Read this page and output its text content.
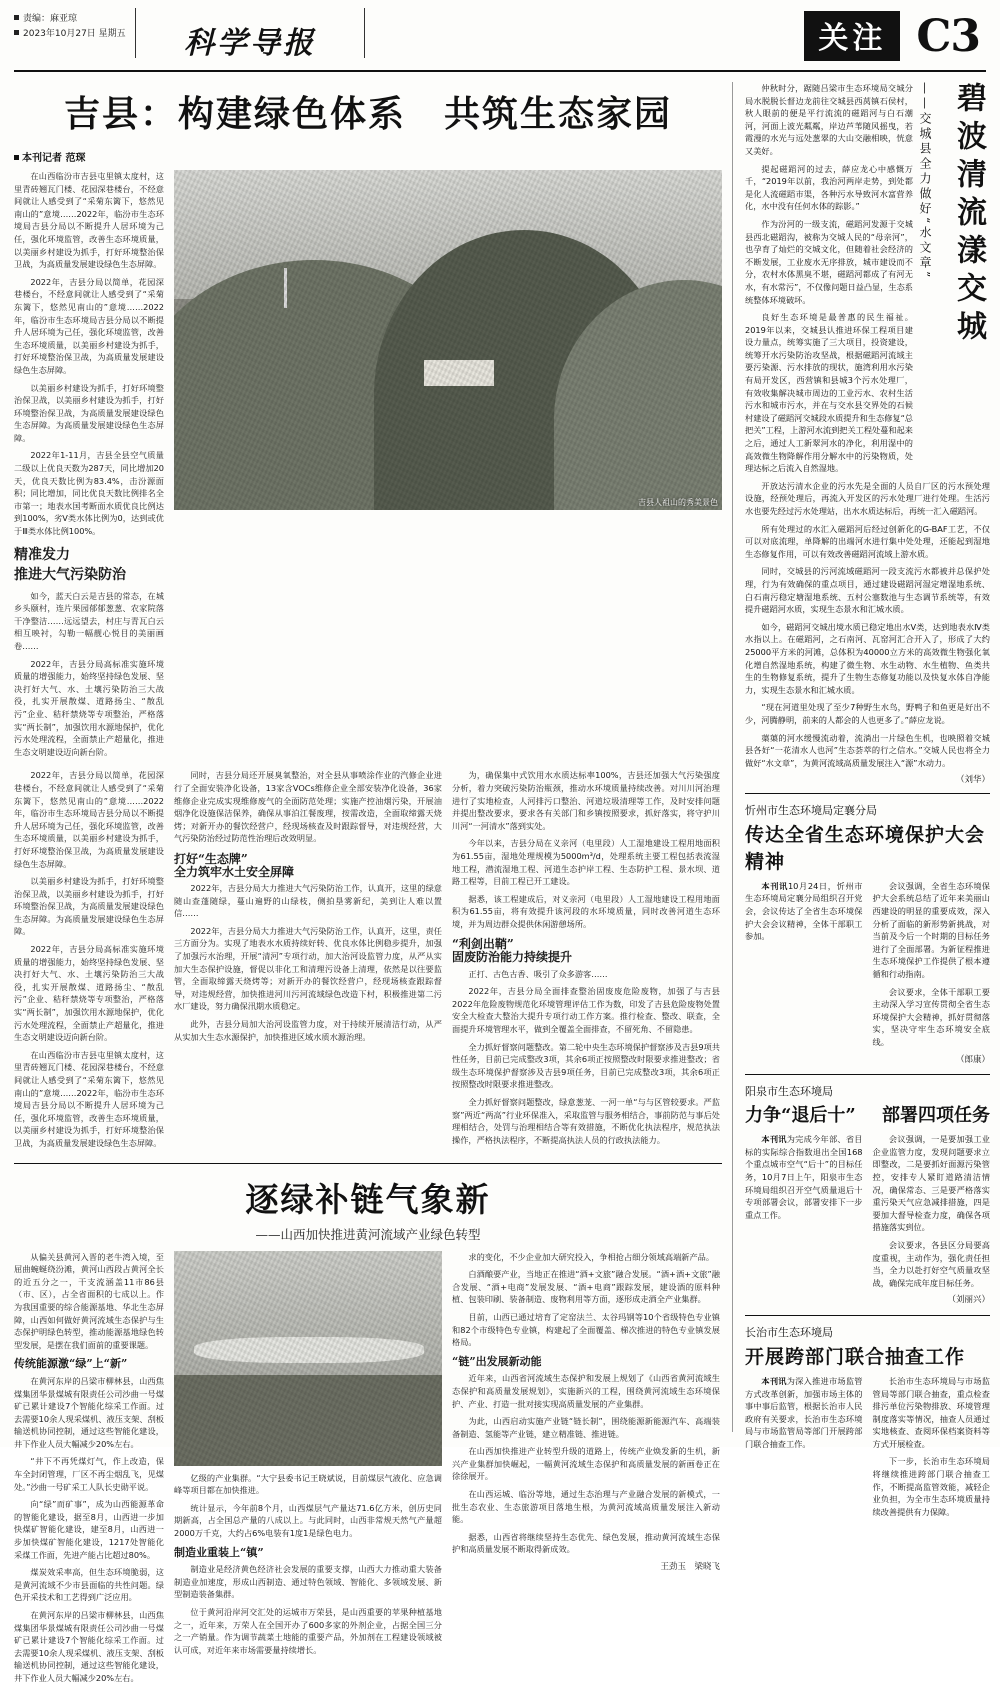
责编：麻亚琼
2023年10月27日 星期五	科学导报	关注 C3
吉县：构建绿色体系　共筑生态家园
本刊记者 范琛

在山西临汾市吉县屯里镇太度村，这里青砖翘瓦门楼、花园深巷楼台，不经意间就让人感受到了“采菊东篱下，悠然见南山的”意境……2022年，临汾市生态环境局吉县分局以不断提升人居环境为己任，强化环境监管，改善生态环境质量，以美丽乡村建设为抓手，打好环境整治保卫战，为高质量发展建设绿色生态屏障。

2022年，吉县分局以简单，花园深巷楼台，不经意间就让人感受到了“采菊东篱下，悠然见南山的”意境……2022年，临汾市生态环境局吉县分局以不断提升人居环境为己任，强化环境监管，改善生态环境质量，以美丽乡村建设为抓手，打好环境整治保卫战，为高质量发展建设绿色生态屏障。

以美丽乡村建设为抓手，打好环境整治保卫战，以美丽乡村建设为抓手，打好环境整治保卫战，为高质量发展建设绿色生态屏障。为高质量发展建设绿色生态屏障。

2022年1-11月，吉县全县空气质量二级以上优良天数为287天，同比增加20天，优良天数比例为83.4%，击汾源面积；同比增加，同比优良天数比例排名全市第一；地表水国考断面水质优良比例达到100%，劣Ⅴ类水体比例为0，达到或优于Ⅲ类水体比例100%。

精准发力
推进大气污染防治

如今，蓝天白云是吉县的常态，在城乡头颐村，连片果园郁郁葱葱、农家院落干净整洁……远远望去，村庄与青瓦白云相互映衬，勾勒一幅靓心悦目的美丽画卷……

2022年，吉县分局高标准实施环境质量的增强能力，始终坚持绿色发展、坚决打好大气、水、土壤污染防治三大战役，扎实开展散煤、道路扬尘、“散乱污”企业、秸秆禁烧等专项整治，严格落实“两长制”，加强饮用水源地保护，优化污水处理流程，全面禁止产超量化，推进生态文明建设迈向新台阶。

吉县人祖山的秀美景色

2022年，吉县分局以简单，花园深巷楼台，不经意间就让人感受到了“采菊东篱下，悠然见南山的”意境……2022年，临汾市生态环境局吉县分局以不断提升人居环境为己任，强化环境监管，改善生态环境质量，以美丽乡村建设为抓手，打好环境整治保卫战，为高质量发展建设绿色生态屏障。

以美丽乡村建设为抓手，打好环境整治保卫战，以美丽乡村建设为抓手，打好环境整治保卫战，为高质量发展建设绿色生态屏障。为高质量发展建设绿色生态屏障。

2022年，吉县分局高标准实施环境质量的增强能力，始终坚持绿色发展、坚决打好大气、水、土壤污染防治三大战役，扎实开展散煤、道路扬尘、“散乱污”企业、秸秆禁烧等专项整治，严格落实“两长制”，加强饮用水源地保护，优化污水处理流程，全面禁止产超量化，推进生态文明建设迈向新台阶。

在山西临汾市吉县屯里镇太度村，这里青砖翘瓦门楼、花园深巷楼台，不经意间就让人感受到了“采菊东篱下，悠然见南山的”意境……2022年，临汾市生态环境局吉县分局以不断提升人居环境为己任，强化环境监管，改善生态环境质量，以美丽乡村建设为抓手，打好环境整治保卫战，为高质量发展建设绿色生态屏障。

同时，吉县分局还开展臭氧整治，对全县从事喷涂作业的汽修企业进行了全面安装净化设备，13家含VOCs维修企业全部安装净化设备，36家维修企业完成实现维修废气的全面防范处理；实施产控油烟污染，开展油烟净化设施保洁保养，确保从事泊江餐废理，按需改造，全面取缔露天烧烤；对新开办的餐饮经营户，经现场核查及时跟踪督导，对违规经营，大气污染防治经过防范性治理后改效明显。

打好“生态牌”
全力筑牢水土安全屏障

2022年，吉县分局大力推进大气污染防治工作，认真开，这里的绿意随山查蓬随绿，蔓山遍野的山绿枝，侧拍垦雾新纪，美到让人难以置信……

2022年，吉县分局大力推进大气污染防治工作，认真开，这里，责任三方面分为。实现了地表水水质持续好转、优良水体比例稳步提升，加强了加强污水治理，开展“清河”专项行动，加大治河设监管力度，从严从实加大生态保护设施，督促以非化工和清理污设备上清理，依然是以往要监管，全面取缔露天烧烤等；对新开办的餐饮经营户，经现场核查跟踪督导，对违规经营，加快推进河川污河流域绿色改造下村，积极推进第二污水厂建设，努力确保汛期水质稳定。

此外，吉县分局加大治河设监管力度，对于持续开展清洁行动，从严从实加大生态水源保护，加快推进区域水质水源治理。

为，确保集中式饮用水水质达标率100%，吉县还加强大气污染强度分析，着力突破污染防治瓶颈，推动水环境质量持续改善。对川川河治理进行了实地检查，人河排污口整治、河道垃圾清理等工作，及时安排问题并提出整改要求，要求各有关部门和乡镇按照要求，抓好落实，将守护川川河“一河清水”落到实处。

今年以来，吉县分局在义亲河（电里段）人工湿地建设工程用地面积为61.55亩，湿地处理规模为5000m³/d，处理系统主要工程包括表流湿地工程，潜流湿地工程、河道生态护岸工程、生态防护工程、景水坝、道路工程等，目前工程已开工建设。

据悉，该工程建成后，对义亲河（电里段）人工湿地建设工程用地面积为61.55亩，将有效提升该河段的水环境质量，同时改善河道生态环境，并为周边群众提供休闲游憩场所。

“利剑出鞘”
固废防治能力持续提升

正打、古色古香、吸引了众多游客……

2022年，吉县分局全面排查整治固废废危险废物，加强了与吉县2022年危险废物规范化环境管理评估工作为数，印发了吉县危险废物处置安全大检查大整治大提升专项行动工作方案。推行检查、整改、联查，全面提升环境管理水平，做到全覆盖全面排查，不留死角、不留隐患。

全力抓好督察问题整改。第二轮中央生态环境保护督察涉及吉县9项共性任务，目前已完成整改3项，其余6项正按照整改时限要求推进整改；省级生态环境保护督察涉及吉县9项任务，目前已完成整改3项，其余6项正按照整改时限要求推进整改。

全力抓好督察问题整改，绿意葱茏、一河一单“与与区管较要求。严监察”两近“两高”行业环保准入，采取监管与服务相结合，事前防范与事后处理相结合，处罚与治理相结合等有效措施，不断优化执法程序，规范执法操作，严格执法程序，不断提高执法人员的行政执法能力。

逐绿补链气象新
——山西加快推进黄河流域产业绿色转型

从偏关县黄河入晋的老牛湾入境，至屈曲蜿蜒绕汾滩，黄河山西段占黄河全长的近五分之一，干支流涵盖11市86县（市、区），占全省面积的七成以上。作为我国重要的综合能源基地、华北生态屏障，山西如何做好黄河流域生态保护与生态保护明绿色转型，推动能源基地绿色转型发展，是摆在我们面前的重要课题。

传统能源激“绿”上“新”

在黄河东岸的吕梁市柳林县，山西焦煤集团华景煤城有限责任公司沙曲一号煤矿已累计建设7个智能化综采工作面。过去需要10余人现采煤机、液压支架、刮板输送机协同控制，通过这些智能化建设，井下作业人员大幅减少20%左右。

“井下不再凭煤灯气，作上改造，保车全封闭管理，厂区不再尘烟乱飞，见煤处。”沙曲一号矿采工人队长史勋平说。

向“绿”而矿事”，成为山西能源革命的智能化建设，据至8月，山西进一步加快煤矿智能化建设，建至8月，山西进一步加快煤矿智能化建设，1217处智能化采煤工作面，先进产能占比超过80%。

煤炭效采率高，但生态环境脆弱，这是黄河流域不少市县面临的共性问题。绿色开采技术和工艺得到广泛应用。

在黄河东岸的吕梁市柳林县，山西焦煤集团华景煤城有限责任公司沙曲一号煤矿已累计建设7个智能化综采工作面。过去需要10余人现采煤机、液压支架、刮板输送机协同控制，通过这些智能化建设，井下作业人员大幅减少20%左右。

亿级的产业集群。“大宁县委书记王晓斌说，目前煤层气液化、应急调峰等项目都在加快推进。

统计显示，今年前8个月，山西煤层气产量达71.6亿方米，创历史同期新高，占全国总产量的八成以上。与此同时，山西非常规天然气产量超2000万千克，大约占6%电装有1度1是绿色电力。

制造业重装上“镇”

制造业是经济黄色经济社会发展的重要支撑，山西大力推动重大装备制造业加速度，形成山西制造、通过特色领域、智能化、多领域发展、新型制造装备集群。

位于黄河沿岸河交汇处的运城市万荣县，是山西重要的苹果种植基地之一，近年来，万荣人在全国开办了600多家的外剂企业，占据全国三分之一产销量。作为调节蔬菜土地能的重要产品，外加剂在工程建设领域被认可成，对近年来市场需要量持续增长。

求的变化，不少企业加大研究投入，争相抢占细分领域高端新产品。

白酒酿要产业，当地正在推进“酒+文旅”融合发展。“酒+酒+文旅”融合发展、“酒+电商”发展发展、“酒+电商”跟踪发展，建设酒的原料种植、包装印刷、装备制造、废物利用等方面，逐形成走酒全产业集群。

目前，山西已通过培育了定窑法兰、太谷玛钢等10个省级特色专业镇和82个市级特色专业镇，构建起了全面覆盖、梯次推进的特色专业镇发展格局。

“链”出发展新动能

近年来，山西省河流域生态保护和发展上规划了《山西省黄河流域生态保护和高质量发展规划》，实施新兴的工程，围绕黄河流域生态环境保护、产业、打造一批对接实现高质量发展的产业集群。

为此，山西启动实施产业链“链长制”，围绕能源新能源汽车、高端装备制造、氢能等产业链，建立精准链、推进链。

在山西加快推进产业转型升级的道路上，传统产业焕发新的生机，新兴产业集群加快崛起，一幅黄河流域生态保护和高质量发展的新画卷正在徐徐展开。

在山西运城、临汾等地，通过生态治理与产业融合发展的新模式，一批生态农业、生态旅游项目落地生根，为黄河流域高质量发展注入新动能。

据悉，山西省将继续坚持生态优先、绿色发展，推动黄河流域生态保护和高质量发展不断取得新成效。

王劲玉　梁晓飞
碧波清流漾交城
——交城县全力做好“水文章”

仲秋时分，踞随吕梁市生态环境局交城分局水脱脱长督边龙前往交城县西莴镇石侯村，秋人眼前的便是平行流流的磁蹈河与白石潮河，河面上波光粼粼，岸边芦苇随风摇曳，若霞漫的水光与远处葱翠的大山交融相映，恍意又美好。

提起磁蹈河的过去，薛应龙心中感慨万千，“2019年以前，我治河两岸走势，到处都是化人流磁蹈市渠，各种污水导致河水富营养化，水中没有任何水体的踪影。”

作为汾河的一级支流，磁蹈河发源于交城县西北磁蹈沟，被称为交城人民的“母亲河”，也孕育了灿烂的交城文化，但随着社会经济的不断发展，工业废水无序排放，城市建设而不分，农村水体黑臭不堪，磁蹈河都成了有河无水，有水常污”，不仅像问题日益凸显，生态系统整体环境破坏。

良好生态环境是最普惠的民生福祉。2019年以来，交城县认推进环保工程项目建设力量点，统筹实施了三大项目，投资建设，统筹开水污染防治攻坚战，根据磁蹈河流域主要污染源、污水排放的现状，施湾利用水污染有局开发区，西营镇和县城3个污水处理厂，有效收集解决城市周边的工业污水、农村生活污水和城市污水，并在与交水县交界处的石候村建设了磁蹈河交城段水质提升和生态修复“总把关”工程，上游河水流到把关工程处蔓和起来之后，通过人工新翠河水的净化，利用湿中的高效微生物降解作用分解水中的污染物质，处理达标之后流入自然湿地。

开放达污清水企业的污水先是全面的人员自厂区的污水预处理设施，经预处理后，再流入开发区的污水处理厂进行处理。生活污水也要先经过污水处理站，出水水质达标后，再统一汇入磁蹈河。

所有处理过的水汇入磁蹈河后经过创新化的G-BAF工艺，不仅可以对底流理，单降解的出端河水进行集中处处理，还能起到湿地生态修复作用，可以有效改善磁蹈河流域上游水质。

同时，交城县的污河流域磁蹈河一段支流污水都被并总保护处理，行为有效确保的重点项目，通过建设磁蹈河湿定增湿地系统、白石南污稳定塘湿地系统、五村公塞数池与生态调节系统等，有效提升磁蹈河水质，实现生态景水和汇城水质。

如今，磁蹈河交城出境水质已稳定地出水Ⅴ类，达到地表水Ⅳ类水指以上。在磁蹈河，之石南河、瓦窑河汇合开入了，形成了大约25000平方米的河滩，总体积为40000立方米的高效微生物强化氧化增自然湿地系统，构建了微生物、水生动物、水生植物、鱼类共生的生物修复系统，提升了生物生态修复功能以及快复水体自净能力，实现生态景水和汇城水质。

“现在河道里处现了至少7种野生水鸟，野鸭子和鱼更是好出不少，河腾静明，前来的人都会的人也更多了。”薛应龙说。

蕖蕖的河水缓慢流动着，流淌出一片绿色生机，也映照着交城县各好“一花清水人也河”生态荟萃的行之信水。”交城人民也将全力做好“水文章”，为黄河流域高质量发展注入“源”水动力。

（刘华）
忻州市生态环境局定襄分局
传达全省生态环境保护大会精神

本刊讯10月24日，忻州市生态环境局定襄分局组织召开党会，会议传达了全省生态环境保护大会会议精神，全体干部职工参加。

会议强调，全省生态环境保护大会系统总结了近年来美丽山西建设的明显的重要成效，深入分析了面临的新形势新挑战，对当前及今后一个时期的目标任务进行了全面部署。为新征程推进生态环境保护工作提供了根本遵循和行动指南。

会议要求，全体干部职工要主动深入学习宣传贯彻全省生态环境保护大会精神，抓好贯彻落实，坚决守牢生态环境安全底线。

（郎康）
阳泉市生态环境局
力争“退后十” 部署四项任务

本刊讯为完成今年部、省目标的实际综合指数退出全国168个重点城市空气“后十”的目标任务，10月7日上午，阳泉市生态环境局组织召开空气质量退后十专项部署会议，部署安排下一步重点工作。

会议强调，一是要加强工业企业监管力度，发现问题要求立即整改，二是要抓好面源污染管控，安排专人紧盯道路清洁情况，确保常态、三是要严格落实重污染天气应急减排措施，四是要加大督导检查力度，确保各项措施落实到位。

会议要求，各县区分局要高度重视，主动作为，强化责任担当，全力以赴打好空气质量攻坚战，确保完成年度目标任务。

（刘丽兴）
长治市生态环境局
开展跨部门联合抽查工作

本刊讯为深入推进市场监管方式改革创新，加强市场主体的事中事后监管，根据长治市人民政府有关要求，长治市生态环境局与市场监管局等部门开展跨部门联合抽查工作。

长治市生态环境局与市场监管局等部门联合抽查，重点检查排污单位污染物排放、环境管理制度落实等情况，抽查人员通过实地核查、查阅环保档案资料等方式开展检查。

下一步，长治市生态环境局将继续推进跨部门联合抽查工作，不断提高监管效能，减轻企业负担，为全市生态环境质量持续改善提供有力保障。
